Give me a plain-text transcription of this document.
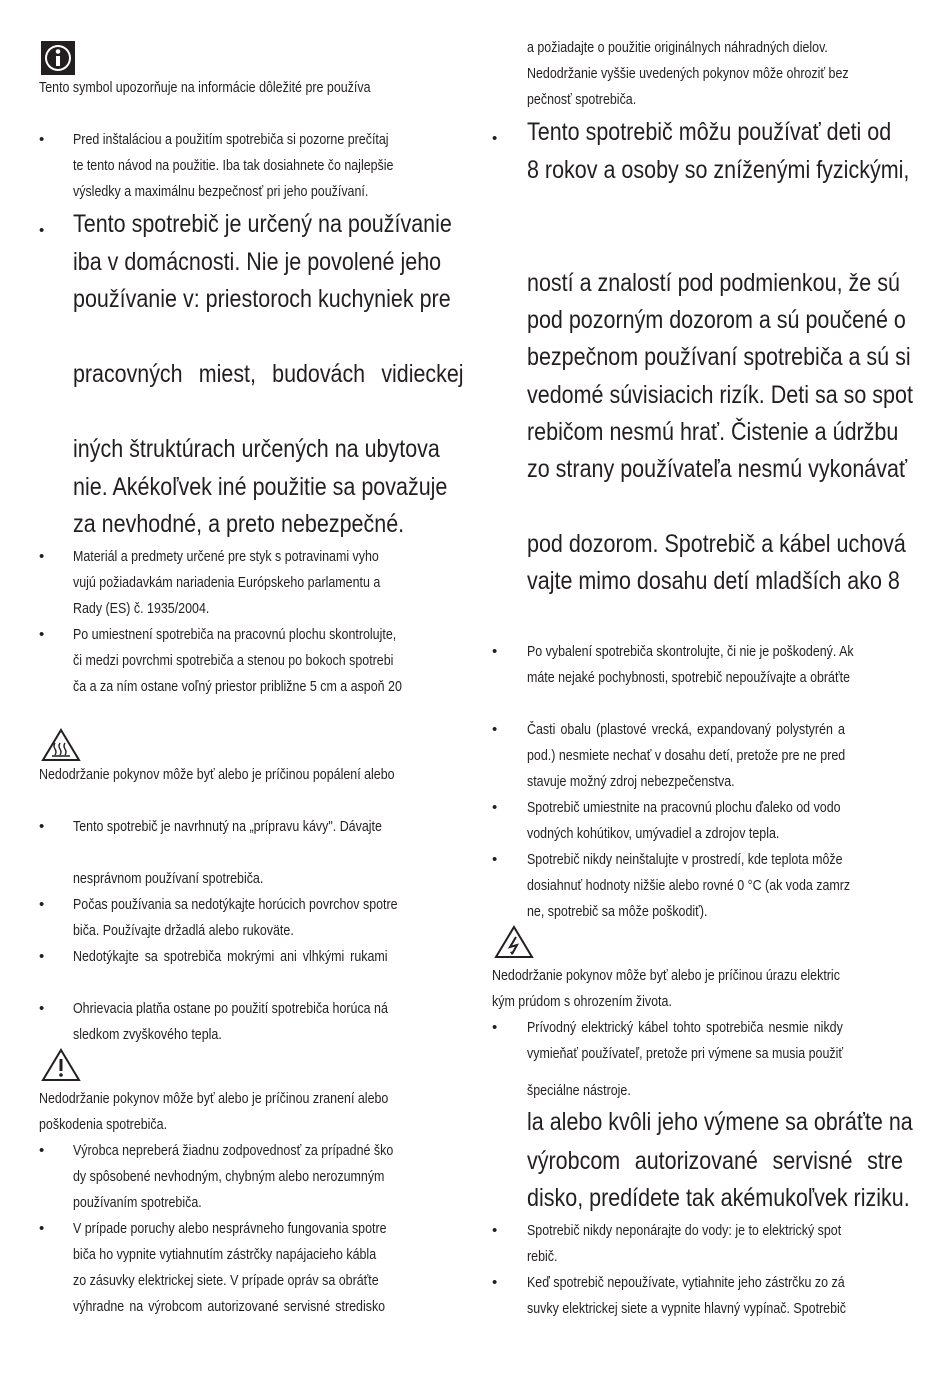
Tento symbol upozorňuje na informácie dôležité pre používa
• Pred inštaláciou a použitím spotrebiča si pozorne prečítaj
te tento návod na použitie. Iba tak dosiahnete čo najlepšie
výsledky a maximálnu bezpečnosť pri jeho používaní.
• Tento spotrebič je určený na používanie
iba v domácnosti. Nie je povolené jeho
používanie v: priestoroch kuchyniek pre
pracovných miest, budovách vidieckej
iných štruktúrach určených na ubytova
nie. Akékoľvek iné použitie sa považuje
za nevhodné, a preto nebezpečné.
• Materiál a predmety určené pre styk s potravinami vyho
vujú požiadavkám nariadenia Európskeho parlamentu a
Rady (ES) č. 1935/2004.
• Po umiestnení spotrebiča na pracovnú plochu skontrolujte,
či medzi povrchmi spotrebiča a stenou po bokoch spotrebi
ča a za ním ostane voľný priestor približne 5 cm a aspoň 20
Nedodržanie pokynov môže byť alebo je príčinou popálení alebo
• Tento spotrebič je navrhnutý na „prípravu kávy". Dávajte
nesprávnom používaní spotrebiča.
• Počas používania sa nedotýkajte horúcich povrchov spotre
biča. Používajte držadlá alebo rukoväte.
• Nedotýkajte sa spotrebiča mokrými ani vlhkými rukami
• Ohrievacia platňa ostane po použití spotrebiča horúca ná
sledkom zvyškového tepla.
Nedodržanie pokynov môže byť alebo je príčinou zranení alebo
poškodenia spotrebiča.
• Výrobca nepreberá žiadnu zodpovednosť za prípadné ško
dy spôsobené nevhodným, chybným alebo nerozumným
používaním spotrebiča.
• V prípade poruchy alebo nesprávneho fungovania spotre
biča ho vypnite vytiahnutím zástrčky napájacieho kábla
zo zásuvky elektrickej siete. V prípade opráv sa obráťte
výhradne na výrobcom autorizované servisné stredisko
a požiadajte o použitie originálnych náhradných dielov.
Nedodržanie vyššie uvedených pokynov môže ohroziť bez
pečnosť spotrebiča.
• Tento spotrebič môžu používať deti od
8 rokov a osoby so zníženými fyzickými,
ností a znalostí pod podmienkou, že sú
pod pozorným dozorom a sú poučené o
bezpečnom používaní spotrebiča a sú si
vedomé súvisiacich rizík. Deti sa so spot
rebičom nesmú hrať. Čistenie a údržbu
zo strany používateľa nesmú vykonávať
pod dozorom. Spotrebič a kábel uchová
vajte mimo dosahu detí mladších ako 8
• Po vybalení spotrebiča skontrolujte, či nie je poškodený. Ak
máte nejaké pochybnosti, spotrebič nepoužívajte a obráťte
• Časti obalu (plastové vrecká, expandovaný polystyrén a
pod.) nesmiete nechať v dosahu detí, pretože pre ne pred
stavuje možný zdroj nebezpečenstva.
• Spotrebič umiestnite na pracovnú plochu ďaleko od vodo
vodných kohútikov, umývadiel a zdrojov tepla.
• Spotrebič nikdy neinštalujte v prostredí, kde teplota môže
dosiahnuť hodnoty nižšie alebo rovné 0 °C (ak voda zamrz
ne, spotrebič sa môže poškodiť).
Nedodržanie pokynov môže byť alebo je príčinou úrazu elektric
kým prúdom s ohrozením života.
• Prívodný elektrický kábel tohto spotrebiča nesmie nikdy
vymieňať používateľ, pretože pri výmene sa musia použiť
špeciálne nástroje.
la alebo kvôli jeho výmene sa obráťte na
výrobcom autorizované servisné stre
disko, predídete tak akémukoľvek riziku.
• Spotrebič nikdy neponárajte do vody: je to elektrický spot
rebič.
• Keď spotrebič nepoužívate, vytiahnite jeho zástrčku zo zá
suvky elektrickej siete a vypnite hlavný vypínač. Spotrebič
